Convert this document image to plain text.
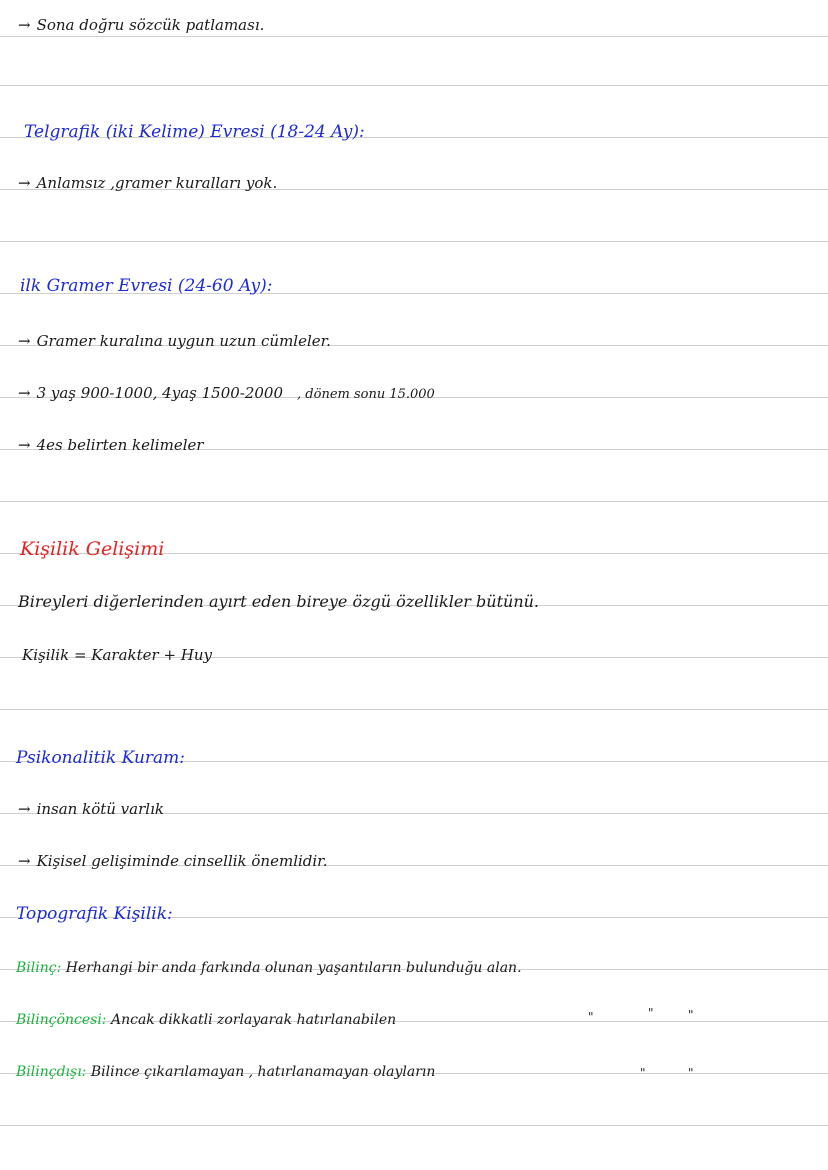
→ Sona doğru sözcük patlaması.
Telgrafik (iki Kelime) Evresi (18-24 Ay):
→ Anlamsız ,gramer kuralları yok.
ilk Gramer Evresi (24-60 Ay):
→ Gramer kuralına uygun uzun cümleler.
→ 3 yaş 900-1000, 4yaş 1500-2000 , dönem sonu 15.000
→ 4es belirten kelimeler
Kişilik Gelişimi
Bireyleri diğerlerinden ayırt eden bireye özgü özellikler bütünü.
Kişilik = Karakter + Huy
Psikonalitik Kuram:
→ insan kötü varlık
→ Kişisel gelişiminde cinsellik önemlidir.
Topografik Kişilik:
Bilinç: Herhangi bir anda farkında olunan yaşantıların bulunduğu alan.
Bilinçöncesi: Ancak dikkatli zorlayarak hatırlanabilen	"	"	"
Bilinçdışı: Bilince çıkarılamayan , hatırlanamayan olayların	"	"
